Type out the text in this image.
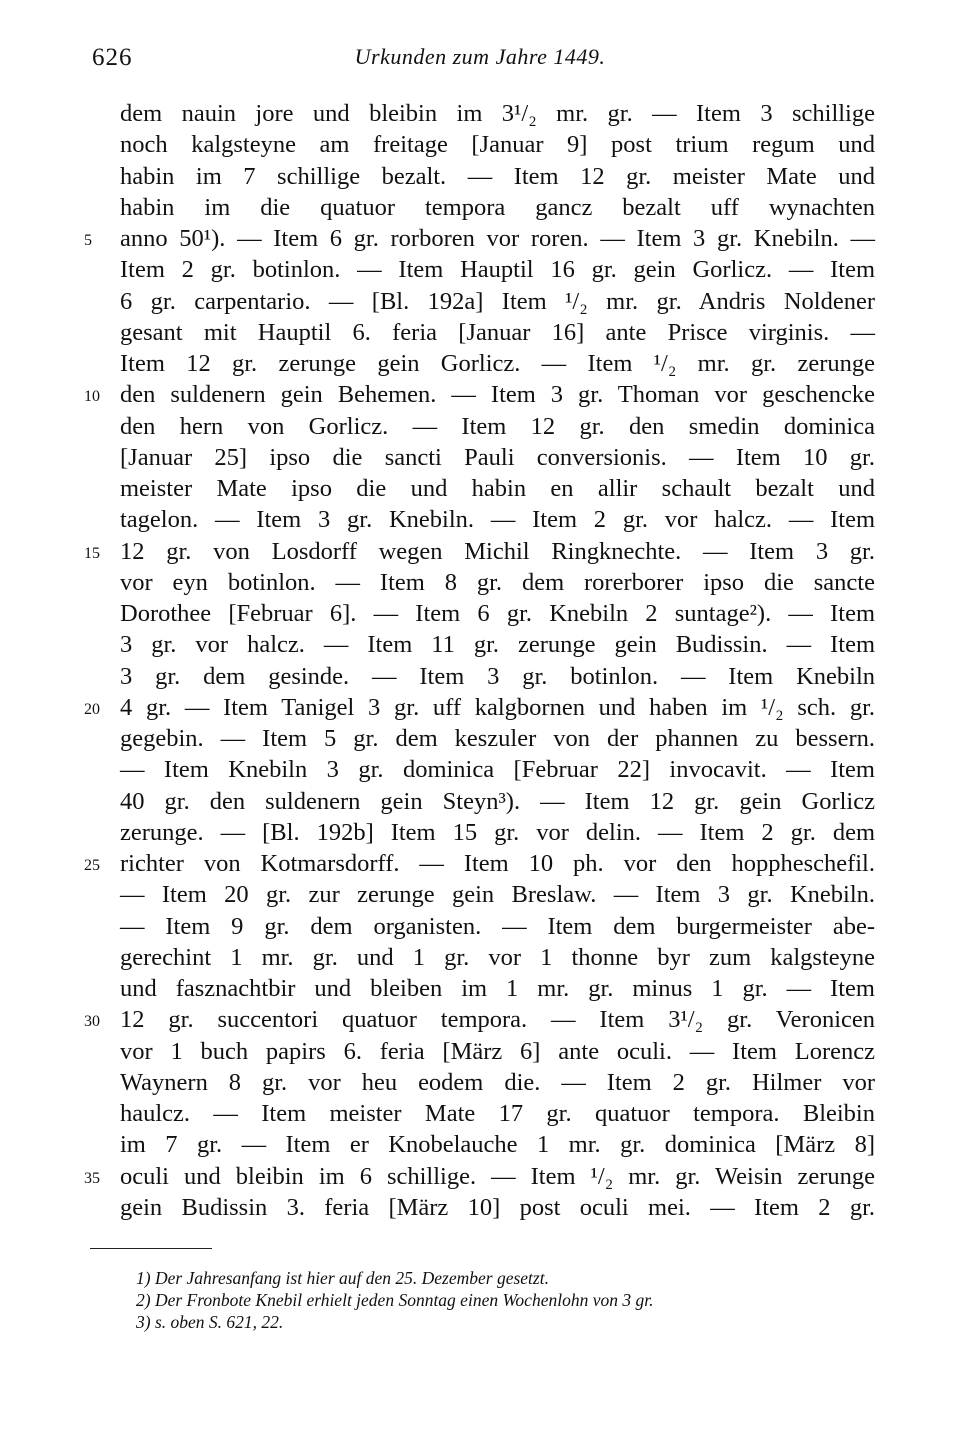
626	Urkunden zum Jahre 1449.
dem nauin jore und bleibin im 3¹/₂ mr. gr. — Item 3 schillige
noch kalgsteyne am freitage [Januar 9] post trium regum und
habin im 7 schillige bezalt. — Item 12 gr. meister Mate und
habin im die quatuor tempora gancz bezalt uff wynachten
anno 50¹). — Item 6 gr. rorboren vor roren. — Item 3 gr. Knebiln. —
Item 2 gr. botinlon. — Item Hauptil 16 gr. gein Gorlicz. — Item
6 gr. carpentario. — [Bl. 192a] Item ¹/₂ mr. gr. Andris Noldener
gesant mit Hauptil 6. feria [Januar 16] ante Prisce virginis. —
Item 12 gr. zerunge gein Gorlicz. — Item ¹/₂ mr. gr. zerunge
den suldenern gein Behemen. — Item 3 gr. Thoman vor geschencke
den hern von Gorlicz. — Item 12 gr. den smedin dominica
[Januar 25] ipso die sancti Pauli conversionis. — Item 10 gr.
meister Mate ipso die und habin en allir schault bezalt und
tagelon. — Item 3 gr. Knebiln. — Item 2 gr. vor halcz. — Item
12 gr. von Losdorff wegen Michil Ringknechte. — Item 3 gr.
vor eyn botinlon. — Item 8 gr. dem rorerborer ipso die sancte
Dorothee [Februar 6]. — Item 6 gr. Knebiln 2 suntage²). — Item
3 gr. vor halcz. — Item 11 gr. zerunge gein Budissin. — Item
3 gr. dem gesinde. — Item 3 gr. botinlon. — Item Knebiln
4 gr. — Item Tanigel 3 gr. uff kalgbornen und haben im ¹/₂ sch. gr.
gegebin. — Item 5 gr. dem keszuler von der phannen zu bessern.
— Item Knebiln 3 gr. dominica [Februar 22] invocavit. — Item
40 gr. den suldenern gein Steyn³). — Item 12 gr. gein Gorlicz
zerunge. — [Bl. 192b] Item 15 gr. vor delin. — Item 2 gr. dem
richter von Kotmarsdorff. — Item 10 ph. vor den hoppheschefil.
— Item 20 gr. zur zerunge gein Breslaw. — Item 3 gr. Knebiln.
— Item 9 gr. dem organisten. — Item dem burgermeister abe-
gerechint 1 mr. gr. und 1 gr. vor 1 thonne byr zum kalgsteyne
und fasznachtbir und bleiben im 1 mr. gr. minus 1 gr. — Item
12 gr. succentori quatuor tempora. — Item 3¹/₂ gr. Veronicen
vor 1 buch papirs 6. feria [März 6] ante oculi. — Item Lorencz
Waynern 8 gr. vor heu eodem die. — Item 2 gr. Hilmer vor
haulcz. — Item meister Mate 17 gr. quatuor tempora. Bleibin
im 7 gr. — Item er Knobelauche 1 mr. gr. dominica [März 8]
oculi und bleibin im 6 schillige. — Item ¹/₂ mr. gr. Weisin zerunge
gein Budissin 3. feria [März 10] post oculi mei. — Item 2 gr.
5
10
15
20
25
30
35
1) Der Jahresanfang ist hier auf den 25. Dezember gesetzt.
2) Der Fronbote Knebil erhielt jeden Sonntag einen Wochenlohn von 3 gr.
3) s. oben S. 621, 22.
